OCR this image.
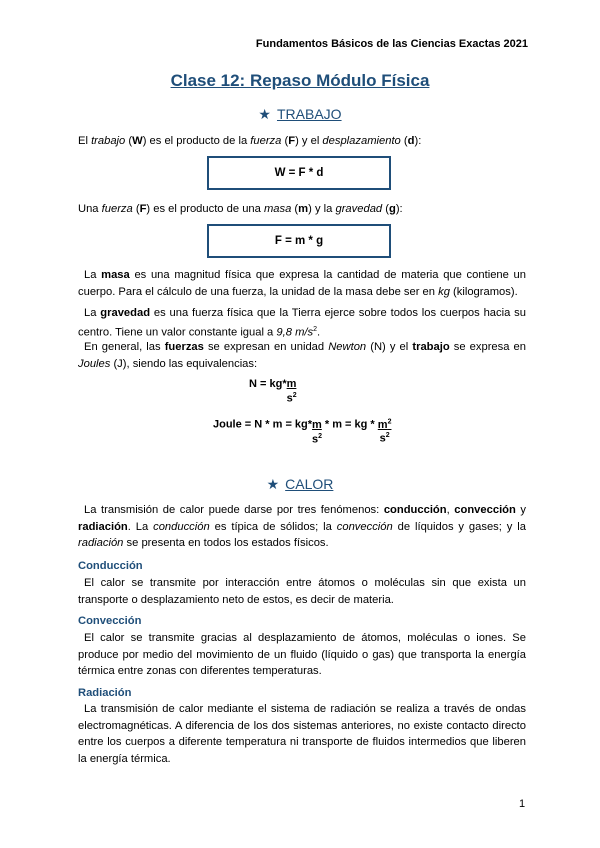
Fundamentos Básicos de las Ciencias Exactas 2021
Clase 12: Repaso Módulo Física
★ TRABAJO
El trabajo (W) es el producto de la fuerza (F) y el desplazamiento (d):
W = F * d
Una fuerza (F) es el producto de una masa (m) y la gravedad (g):
F = m * g
La masa es una magnitud física que expresa la cantidad de materia que contiene un cuerpo. Para el cálculo de una fuerza, la unidad de la masa debe ser en kg (kilogramos).
La gravedad es una fuerza física que la Tierra ejerce sobre todos los cuerpos hacia su centro. Tiene un valor constante igual a 9,8 $m/s^2$.
En general, las fuerzas se expresan en unidad Newton (N) y el trabajo se expresa en Joules (J), siendo las equivalencias:
$N = kg*\frac{m}{s^2}$
Joule = $N * m = kg*\frac{m}{s^2} * m$ = kg * $\frac{m^2}{s^2}$
★ CALOR
La transmisión de calor puede darse por tres fenómenos: conducción, convección y radiación. La conducción es típica de sólidos; la convección de líquidos y gases; y la radiación se presenta en todos los estados físicos.
Conducción
El calor se transmite por interacción entre átomos o moléculas sin que exista un transporte o desplazamiento neto de estos, es decir de materia.
Convección
El calor se transmite gracias al desplazamiento de átomos, moléculas o iones. Se produce por medio del movimiento de un fluido (líquido o gas) que transporta la energía térmica entre zonas con diferentes temperaturas.
Radiación
La transmisión de calor mediante el sistema de radiación se realiza a través de ondas electromagnéticas. A diferencia de los dos sistemas anteriores, no existe contacto directo entre los cuerpos a diferente temperatura ni transporte de fluidos intermedios que liberen la energía térmica.
1
